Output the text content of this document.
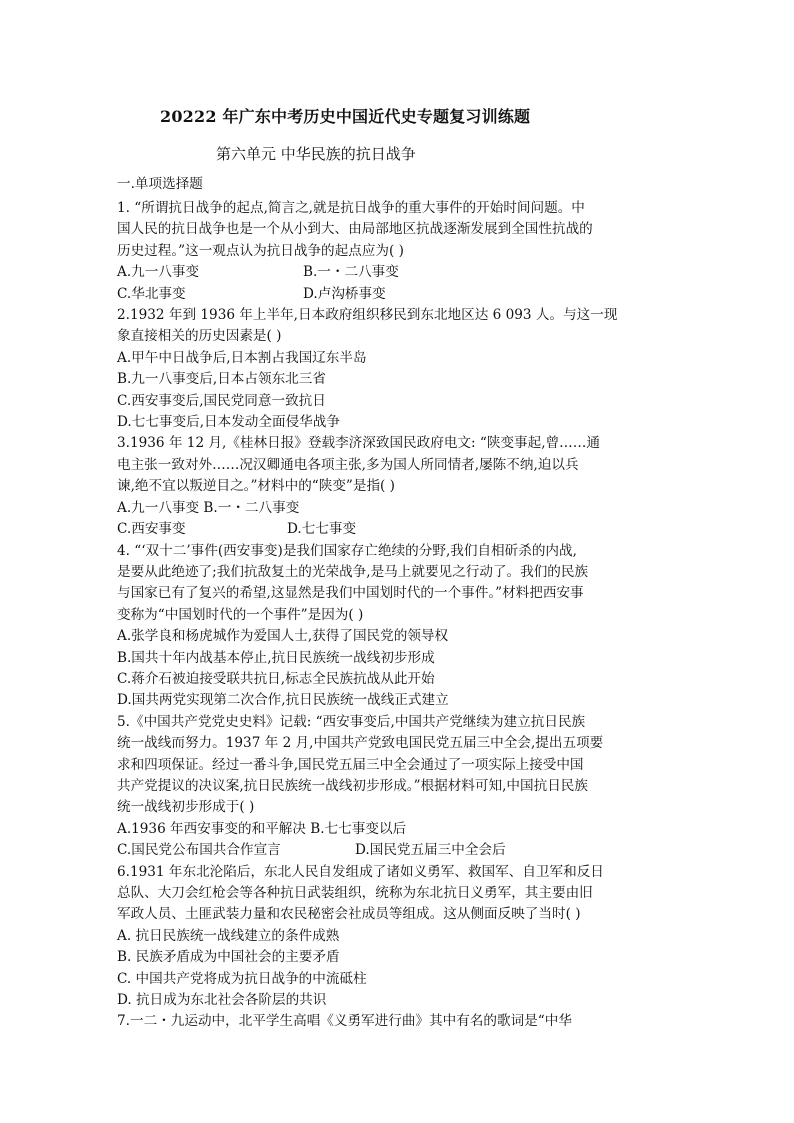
20222 年广东中考历史中国近代史专题复习训练题
第六单元 中华民族的抗日战争
一.单项选择题
1. “所谓抗日战争的起点,简言之,就是抗日战争的重大事件的开始时间问题。中
国人民的抗日战争也是一个从小到大、由局部地区抗战逐渐发展到全国性抗战的
历史过程。”这一观点认为抗日战争的起点应为( )
A.九一八事变	B.一・二八事变
C.华北事变	D.卢沟桥事变
2.1932 年到 1936 年上半年,日本政府组织移民到东北地区达 6 093 人。与这一现
象直接相关的历史因素是( )
A.甲午中日战争后,日本割占我国辽东半岛
B.九一八事变后,日本占领东北三省
C.西安事变后,国民党同意一致抗日
D.七七事变后,日本发动全面侵华战争
3.1936 年 12 月,《桂林日报》登载李济深致国民政府电文: “陕变事起,曾……通
电主张一致对外……况汉卿通电各项主张,多为国人所同情者,屡陈不纳,迫以兵
谏,绝不宜以叛逆目之。”材料中的“陕变”是指( )
A.九一八事变 B.一・二八事变
C.西安事变	D.七七事变
4. “‘双十二’事件(西安事变)是我们国家存亡绝续的分野,我们自相斫杀的内战,
是要从此绝迹了;我们抗敌复土的光荣战争,是马上就要见之行动了。我们的民族
与国家已有了复兴的希望,这显然是我们中国划时代的一个事件。”材料把西安事
变称为“中国划时代的一个事件”是因为( )
A.张学良和杨虎城作为爱国人士,获得了国民党的领导权
B.国共十年内战基本停止,抗日民族统一战线初步形成
C.蒋介石被迫接受联共抗日,标志全民族抗战从此开始
D.国共两党实现第二次合作,抗日民族统一战线正式建立
5.《中国共产党党史史料》记载: “西安事变后,中国共产党继续为建立抗日民族
统一战线而努力。1937 年 2 月,中国共产党致电国民党五届三中全会,提出五项要
求和四项保证。经过一番斗争,国民党五届三中全会通过了一项实际上接受中国
共产党提议的决议案,抗日民族统一战线初步形成。”根据材料可知,中国抗日民族
统一战线初步形成于( )
A.1936 年西安事变的和平解决 B.七七事变以后
C.国民党公布国共合作宣言	D.国民党五届三中全会后
6.1931 年东北沦陷后，东北人民自发组成了诸如义勇军、救国军、自卫军和反日
总队、大刀会红枪会等各种抗日武装组织，统称为东北抗日义勇军，其主要由旧
军政人员、土匪武装力量和农民秘密会社成员等组成。这从侧面反映了当时( )
A. 抗日民族统一战线建立的条件成熟
B. 民族矛盾成为中国社会的主要矛盾
C. 中国共产党将成为抗日战争的中流砥柱
D. 抗日成为东北社会各阶层的共识
7.一二・九运动中，北平学生高唱《义勇军进行曲》其中有名的歌词是“中华
